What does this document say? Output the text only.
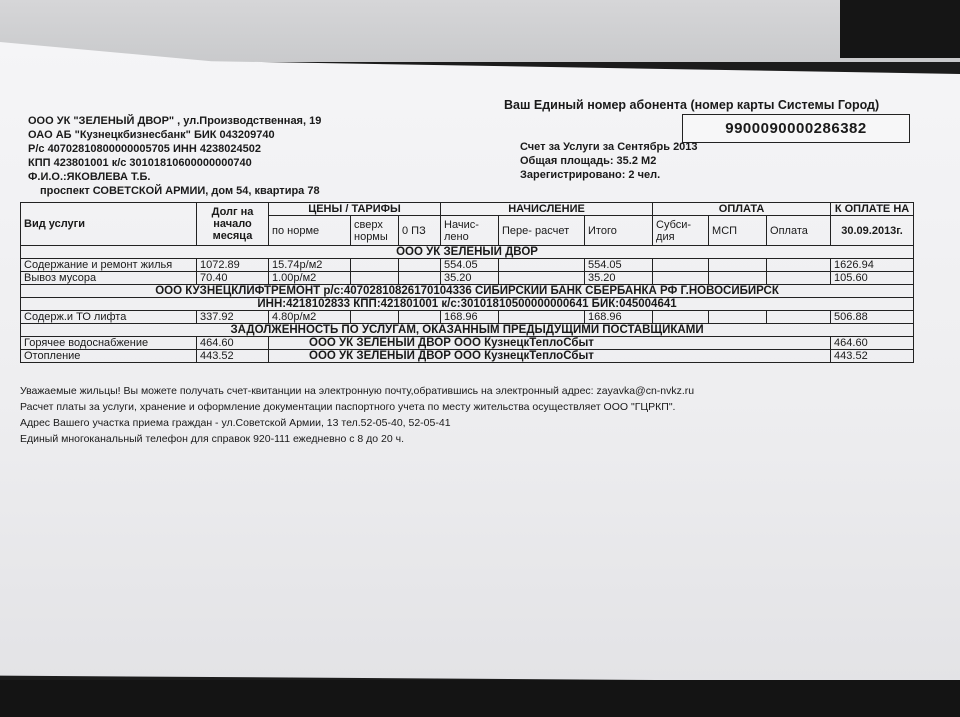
Ваш Единый номер абонента (номер карты Системы Город)
9900090000286382
ООО УК "ЗЕЛЕНЫЙ ДВОР" , ул.Производственная, 19
ОАО АБ "Кузнецкбизнесбанк" БИК 043209740
Р/с 40702810800000005705 ИНН 4238024502
КПП 423801001 к/с 30101810600000000740
Ф.И.О.:ЯКОВЛЕВА Т.Б.
проспект СОВЕТСКОЙ АРМИИ, дом 54, квартира 78
Счет за Услуги за Сентябрь 2013
Общая площадь: 35.2 М2
Зарегистрировано: 2 чел.
Вид услуги	Долг на начало месяца	ЦЕНЫ / ТАРИФЫ			НАЧИСЛЕНИЕ			ОПЛАТА			К ОПЛАТЕ НА
		по норме	сверх нормы	0 ПЗ	Начис- лено	Пере- расчет	Итого	Субси- дия	МСП	Оплата	30.09.2013г.
ООО УК ЗЕЛЕНЫЙ ДВОР											
Содержание и ремонт жилья	1072.89	15.74р/м2			554.05		554.05				1626.94
Вывоз мусора	70.40	1.00р/м2			35.20		35.20				105.60
ООО КУЗНЕЦКЛИФТРЕМОНТ р/с:40702810826170104336 СИБИРСКИЙ БАНК СБЕРБАНКА РФ Г.НОВОСИБИРСК											
ИНН:4218102833 КПП:421801001 к/с:30101810500000000641 БИК:045004641											
Содерж.и ТО лифта	337.92	4.80р/м2			168.96		168.96				506.88
ЗАДОЛЖЕННОСТЬ ПО УСЛУГАМ, ОКАЗАННЫМ ПРЕДЫДУЩИМИ ПОСТАВЩИКАМИ											
Горячее водоснабжение	464.60	ООО УК ЗЕЛЕНЫЙ ДВОР ООО КузнецкТеплоСбыт									464.60
Отопление	443.52	ООО УК ЗЕЛЕНЫЙ ДВОР ООО КузнецкТеплоСбыт									443.52
Уважаемые жильцы! Вы можете получать счет-квитанции на электронную почту,обратившись на электронный адрес: zayavka@cn-nvkz.ru
Расчет платы за услуги, хранение и оформление документации паспортного учета по месту жительства осуществляет ООО "ГЦРКП".
Адрес Вашего участка приема граждан - ул.Советской Армии, 13 тел.52-05-40, 52-05-41
Единый многоканальный телефон для справок 920-111 ежедневно с 8 до 20 ч.
